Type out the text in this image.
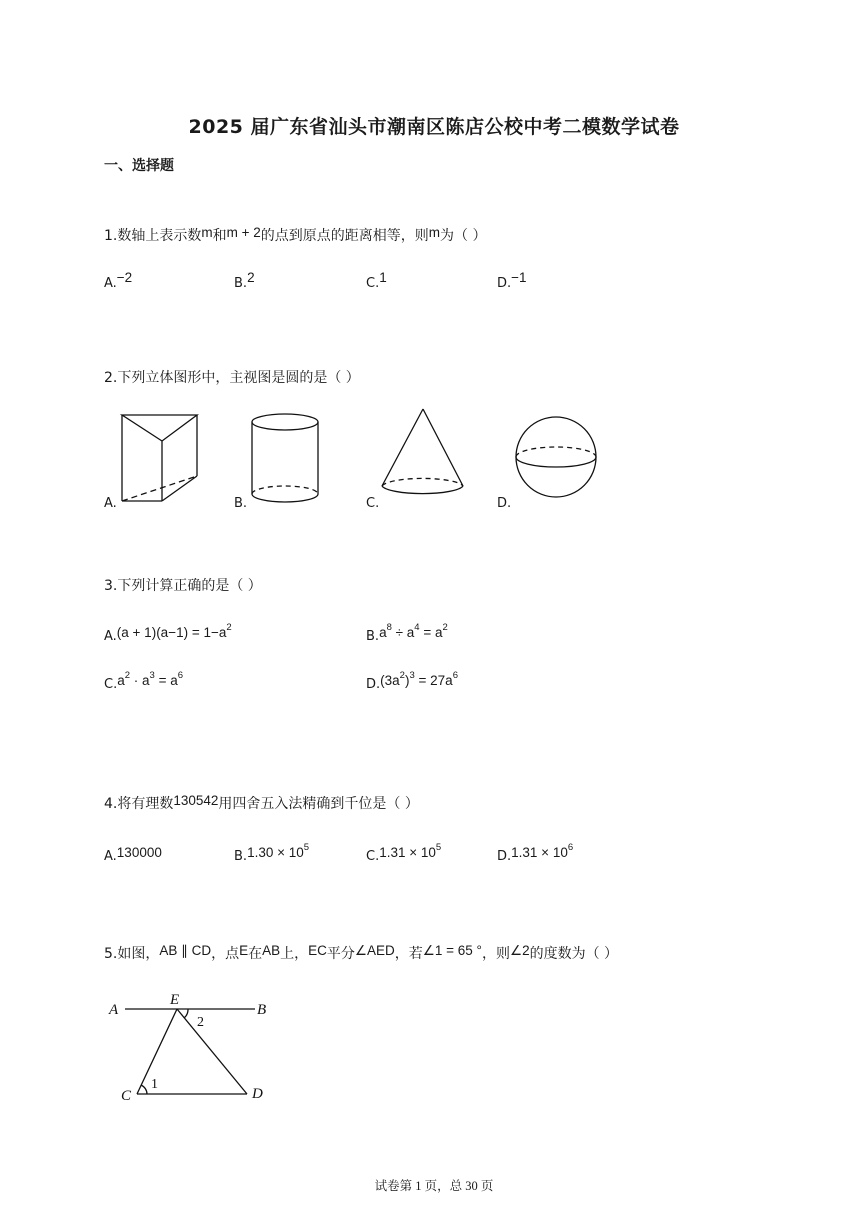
2025 届广东省汕头市潮南区陈店公校中考二模数学试卷
一、选择题
1.数轴上表示数m和m + 2的点到原点的距离相等，则m为（ ）
A.−2	B.2	C.1	D.−1
2.下列立体图形中，主视图是圆的是（ ）
A.	B.	C.	D.
3.下列计算正确的是（ ）
$A.(a + 1)(a-1) = 1-a^2$
$B.a^8 \div a^4 = a^2$
$C.a^2 \cdot a^3 = a^6$
$D.(3a^2)^3 = 27a^6$
4.将有理数130542用四舍五入法精确到千位是（ ）
A.130000	$B.1.30 \times 10^5$
$C.1.31 \times 10^5$
$D.1.31 \times 10^6$
5.如图，AB ∥ CD，点E在AB上，EC平分∠AED，若∠1 = 65 °，则∠2的度数为（ ）
A
E
B
2
1
C	D
试卷第 1 页，总 30 页
